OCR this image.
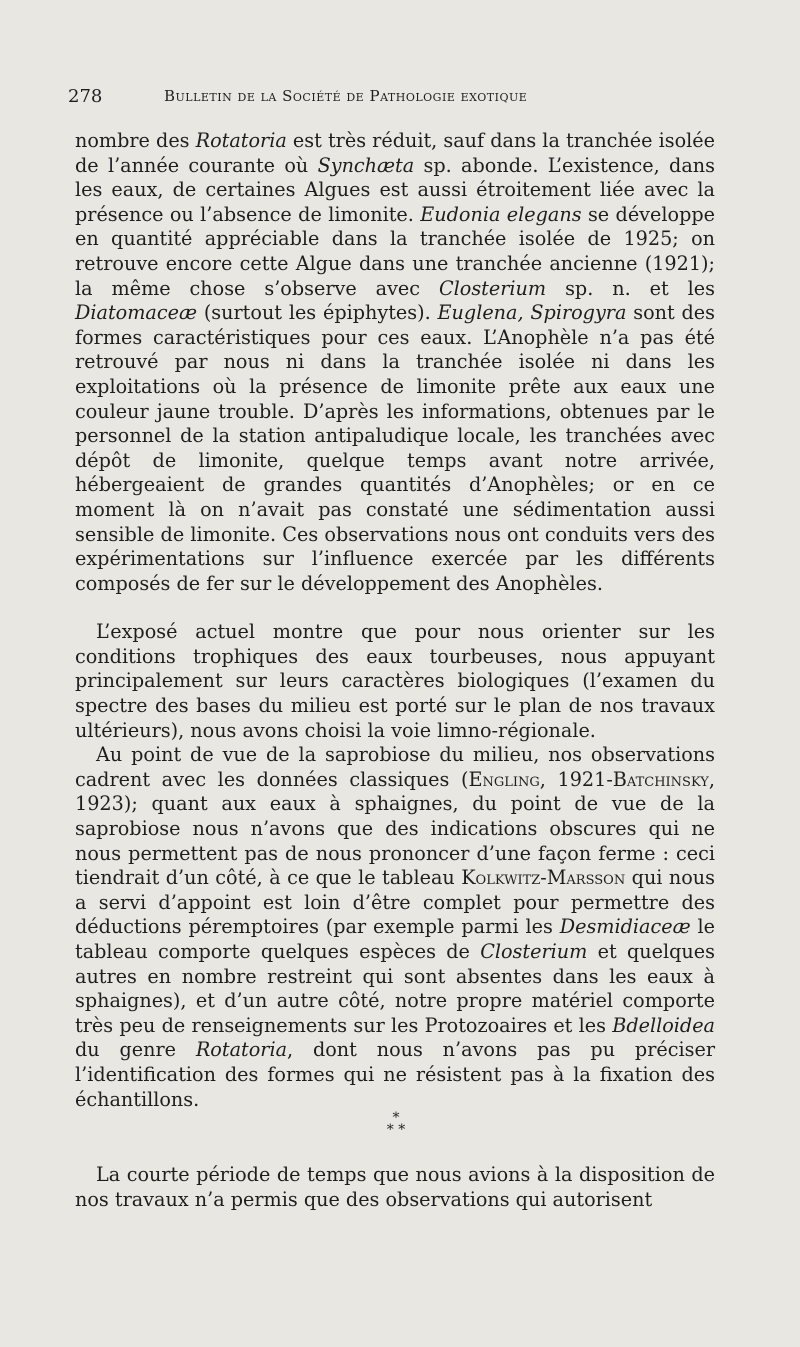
278	Bulletin de la Société de Pathologie exotique

nombre des Rotatoria est très réduit, sauf dans la tranchée isolée de l’année courante où Synchæta sp. abonde. L’existence, dans les eaux, de certaines Algues est aussi étroitement liée avec la présence ou l’absence de limonite. Eudonia elegans se développe en quantité appréciable dans la tranchée isolée de 1925; on retrouve encore cette Algue dans une tranchée ancienne (1921); la même chose s’observe avec Closterium sp. n. et les Diatomaceæ (surtout les épiphytes). Euglena, Spirogyra sont des formes caractéristiques pour ces eaux. L’Anophèle n’a pas été retrouvé par nous ni dans la tranchée isolée ni dans les exploitations où la présence de limonite prête aux eaux une couleur jaune trouble. D’après les informations, obtenues par le personnel de la station antipaludique locale, les tranchées avec dépôt de limonite, quelque temps avant notre arrivée, hébergeaient de grandes quantités d’Anophèles; or en ce moment là on n’avait pas constaté une sédimentation aussi sensible de limonite. Ces observations nous ont conduits vers des expérimentations sur l’influence exercée par les différents composés de fer sur le développement des Anophèles.

L’exposé actuel montre que pour nous orienter sur les conditions trophiques des eaux tourbeuses, nous appuyant principalement sur leurs caractères biologiques (l’examen du spectre des bases du milieu est porté sur le plan de nos travaux ultérieurs), nous avons choisi la voie limno-régionale.

Au point de vue de la saprobiose du milieu, nos observations cadrent avec les données classiques (Engling, 1921-Batchinsky, 1923); quant aux eaux à sphaignes, du point de vue de la saprobiose nous n’avons que des indications obscures qui ne nous permettent pas de nous prononcer d’une façon ferme : ceci tiendrait d’un côté, à ce que le tableau Kolkwitz-Marsson qui nous a servi d’appoint est loin d’être complet pour permettre des déductions péremptoires (par exemple parmi les Desmidiaceæ le tableau comporte quelques espèces de Closterium et quelques autres en nombre restreint qui sont absentes dans les eaux à sphaignes), et d’un autre côté, notre propre matériel comporte très peu de renseignements sur les Protozoaires et les Bdelloidea du genre Rotatoria, dont nous n’avons pas pu préciser l’identification des formes qui ne résistent pas à la fixation des échantillons.

*
* *

La courte période de temps que nous avions à la disposition de nos travaux n’a permis que des observations qui autorisent
